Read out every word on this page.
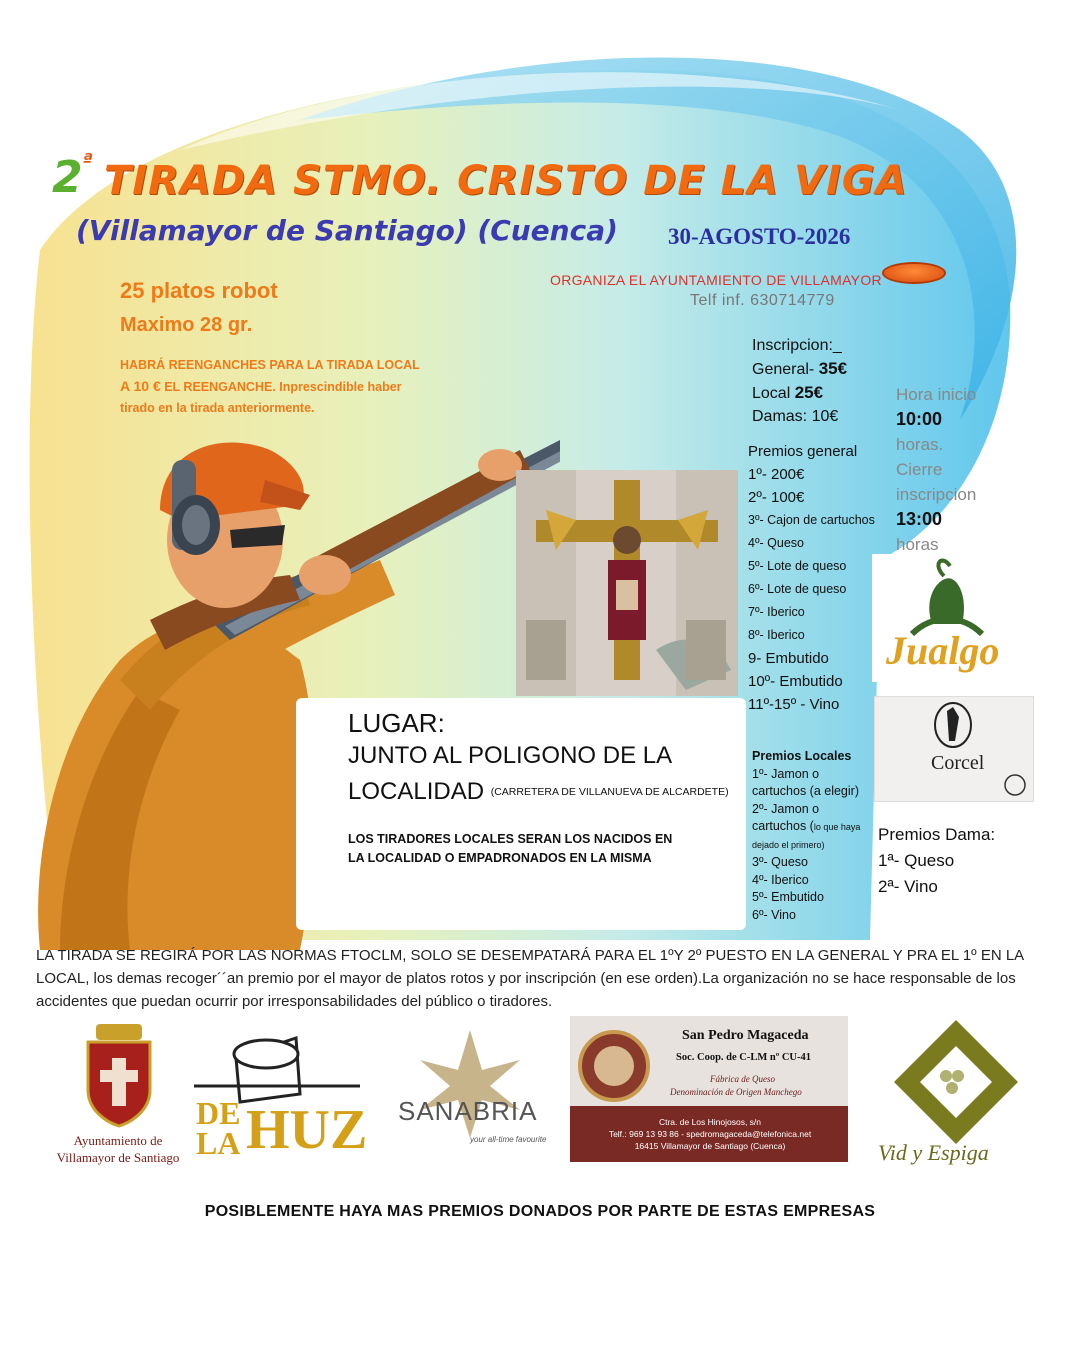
$2^ª$ TIRADA STMO. CRISTO DE LA VIGA
(Villamayor de Santiago) (Cuenca) 30-AGOSTO-2026
ORGANIZA EL AYUNTAMIENTO DE VILLAMAYOR
Telf inf. 630714779
25 platos robot
Maximo 28 gr.
HABRÁ REENGANCHES PARA LA TIRADA LOCAL
A 10 € EL REENGANCHE. Inprescindible haber
tirado en la tirada anteriormente.
Inscripcion:_
General- 35€
Local 25€
Damas: 10€
Hora inicio
10:00
horas.
Cierre
inscripcion
13:00
horas
Premios general
1º- 200€
2º- 100€
3º- Cajon de cartuchos
4º- Queso
5º- Lote de queso
6º- Lote de queso
7º- Iberico
8º- Iberico
9- Embutido
10º- Embutido
11º-15º - Vino
Jualgo
Corcel
LUGAR:
JUNTO AL POLIGONO DE LA
LOCALIDAD (CARRETERA DE VILLANUEVA DE ALCARDETE)
LOS TIRADORES LOCALES SERAN LOS NACIDOS EN
LA LOCALIDAD O EMPADRONADOS EN LA MISMA
Premios Locales
1º- Jamon o
cartuchos (a elegir)
2º- Jamon o
cartuchos (lo que haya
dejado el primero)
3º- Queso
4º- Iberico
5º- Embutido
6º- Vino
Premios Dama:
1ª- Queso
2ª- Vino
LA TIRADA SE REGIRÁ POR LAS NORMAS FTOCLM, SOLO SE DESEMPATARÁ PARA EL 1ºY 2º PUESTO EN LA GENERAL Y PRA EL 1º EN LA LOCAL, los demas recoger´´an premio por el mayor de platos rotos y por inscripción (en ese orden).La organización no se hace responsable de los accidentes que puedan ocurrir por irresponsabilidades del público o tiradores.
Ayuntamiento de
Villamayor de Santiago
DE
LA HUZ SANABRIA
your all-time favourite
San Pedro Magaceda
Soc. Coop. de C-LM nº CU-41
Fábrica de Queso
Denominación de Origen Manchego
Ctra. de Los Hinojosos, s/n
Telf.: 969 13 93 86 - spedromagaceda@telefonica.net
16415 Villamayor de Santiago (Cuenca)	Vid y Espiga
POSIBLEMENTE HAYA MAS PREMIOS DONADOS POR PARTE DE ESTAS EMPRESAS
